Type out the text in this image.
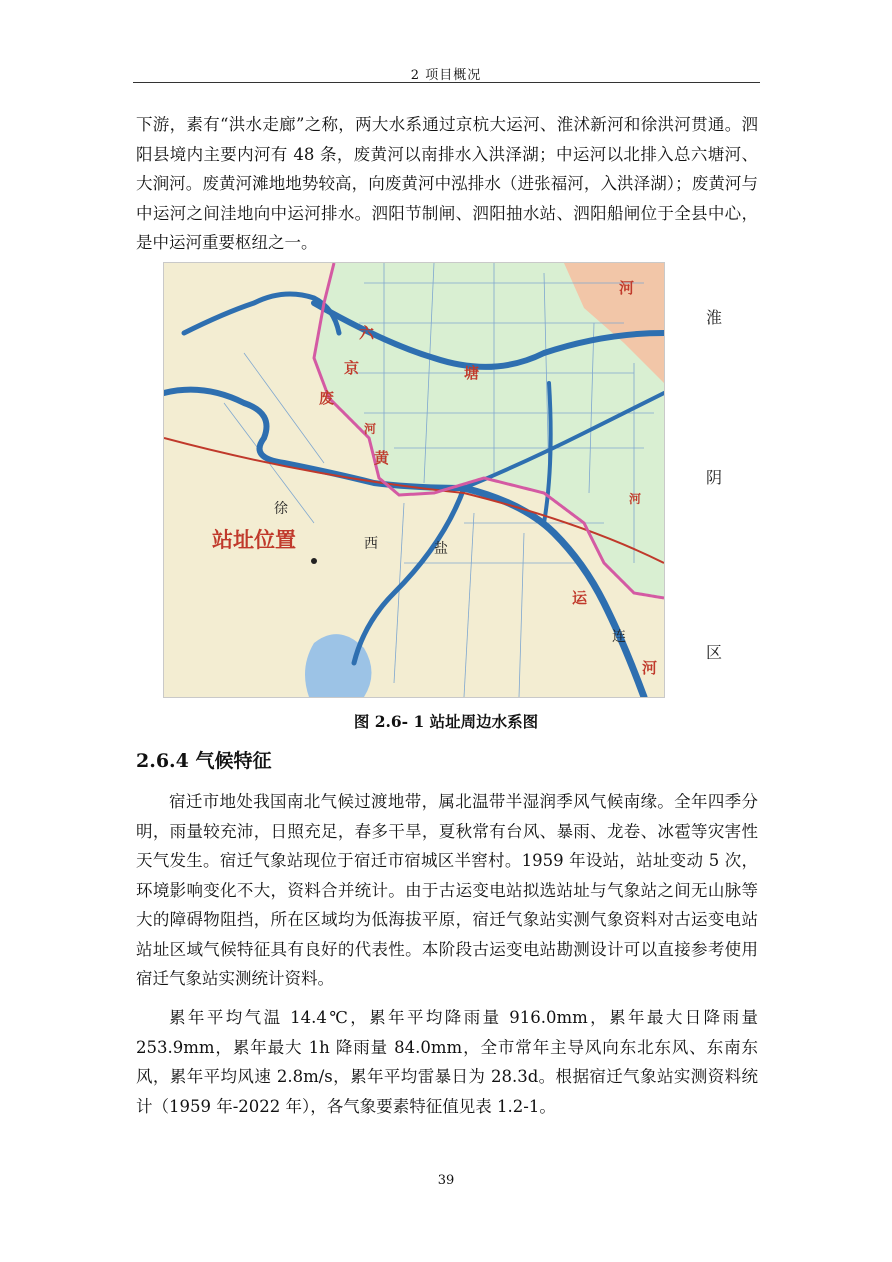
2 项目概况

下游，素有“洪水走廊”之称，两大水系通过京杭大运河、淮沭新河和徐洪河贯通。泗阳县境内主要内河有 48 条，废黄河以南排水入洪泽湖；中运河以北排入总六塘河、大涧河。废黄河滩地地势较高，向废黄河中泓排水（进张福河，入洪泽湖）；废黄河与中运河之间洼地向中运河排水。泗阳节制闸、泗阳抽水站、泗阳船闸位于全县中心，是中运河重要枢纽之一。

废
黄
河
六
京	塘
河
运
河
河
盐
徐
西
连
站址位置
淮
阴
区
图 2.6- 1 站址周边水系图
2.6.4 气候特征

宿迁市地处我国南北气候过渡地带，属北温带半湿润季风气候南缘。全年四季分明，雨量较充沛，日照充足，春多干旱，夏秋常有台风、暴雨、龙卷、冰雹等灾害性天气发生。宿迁气象站现位于宿迁市宿城区半窖村。1959 年设站，站址变动 5 次，环境影响变化不大，资料合并统计。由于古运变电站拟选站址与气象站之间无山脉等大的障碍物阻挡，所在区域均为低海拔平原，宿迁气象站实测气象资料对古运变电站站址区域气候特征具有良好的代表性。本阶段古运变电站勘测设计可以直接参考使用宿迁气象站实测统计资料。

累年平均气温 14.4℃，累年平均降雨量 916.0mm，累年最大日降雨量 253.9mm，累年最大 1h 降雨量 84.0mm，全市常年主导风向东北东风、东南东风，累年平均风速 2.8m/s，累年平均雷暴日为 28.3d。根据宿迁气象站实测资料统计（1959 年-2022 年），各气象要素特征值见表 1.2-1。

39
